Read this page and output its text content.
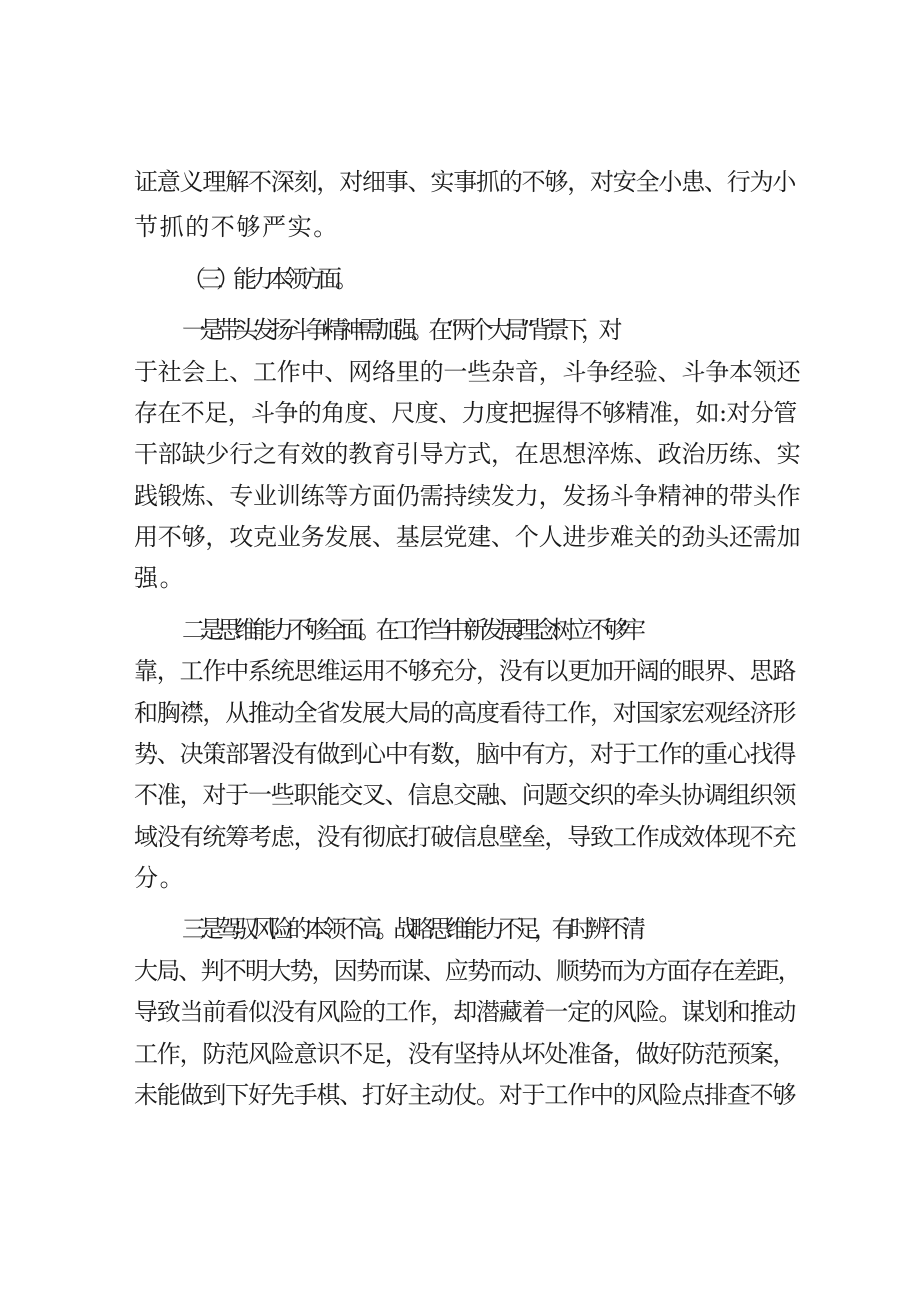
证意义理解不深刻，对细事、实事抓的不够，对安全小患、行为小
节抓的不够严实。
（三）能力本领方面。
一是带头发扬斗争精神需加强。在“两个大局”背景下，对
于社会上、工作中、网络里的一些杂音，斗争经验、斗争本领还
存在不足，斗争的角度、尺度、力度把握得不够精准，如:对分管
干部缺少行之有效的教育引导方式，在思想淬炼、政治历练、实
践锻炼、专业训练等方面仍需持续发力，发扬斗争精神的带头作
用不够，攻克业务发展、基层党建、个人进步难关的劲头还需加
强。
二是思维能力不够全面。在工作当中新发展理念树立不够牢
靠，工作中系统思维运用不够充分，没有以更加开阔的眼界、思路
和胸襟，从推动全省发展大局的高度看待工作，对国家宏观经济形
势、决策部署没有做到心中有数，脑中有方，对于工作的重心找得
不准，对于一些职能交叉、信息交融、问题交织的牵头协调组织领
域没有统筹考虑，没有彻底打破信息壁垒，导致工作成效体现不充
分。
三是驾驭风险的本领不高。战略思维能力不足，有时辨不清
大局、判不明大势，因势而谋、应势而动、顺势而为方面存在差距，
导致当前看似没有风险的工作，却潜藏着一定的风险。谋划和推动
工作，防范风险意识不足，没有坚持从坏处准备，做好防范预案，
未能做到下好先手棋、打好主动仗。对于工作中的风险点排查不够
